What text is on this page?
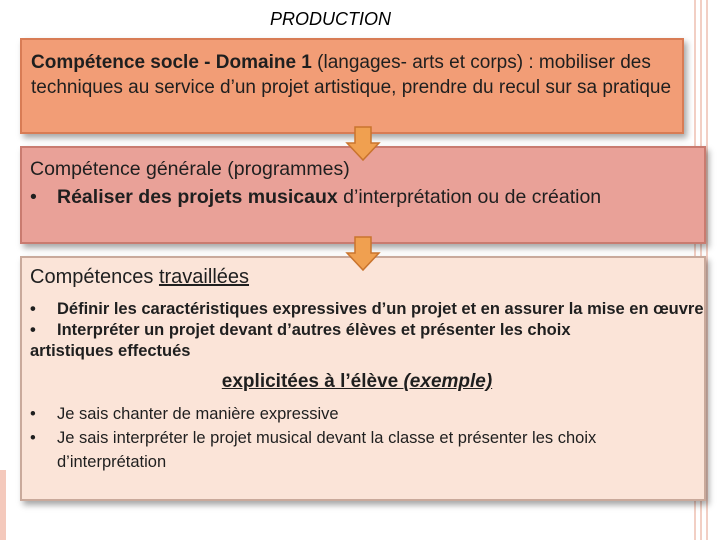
PRODUCTION

Compétence socle - Domaine 1 (langages- arts et corps) : mobiliser des techniques au service d’un projet artistique, prendre du recul sur sa pratique

Compétence générale (programmes)

• Réaliser des projets musicaux d’interprétation ou de création

Compétences travaillées

• Définir les caractéristiques expressives d’un projet et en assurer la mise en œuvre
• Interpréter un projet devant d’autres élèves et présenter les choix
artistiques effectués

explicitées à l’élève (exemple)

• Je sais chanter de manière expressive
• Je sais interpréter le projet musical devant la classe et présenter les choix d’interprétation
